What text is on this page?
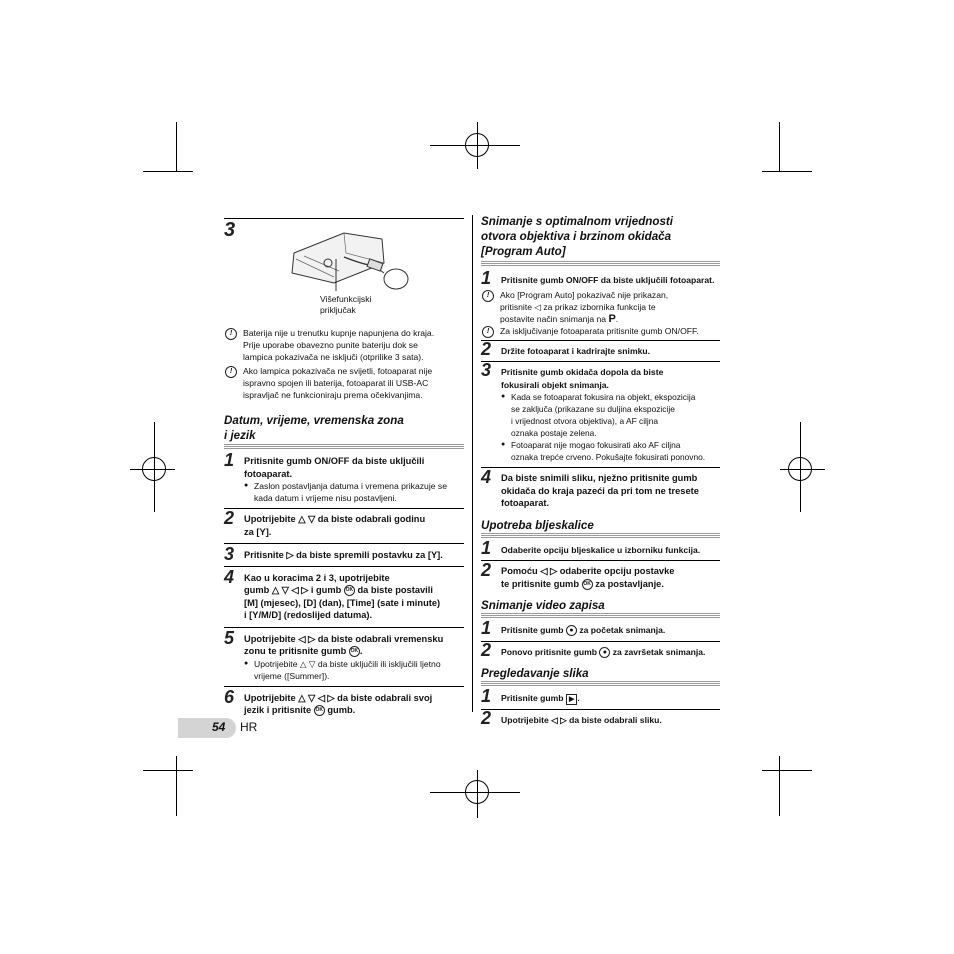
3
Višefunkcijski
priključak
!	Baterija nije u trenutku kupnje napunjena do kraja.
Prije uporabe obavezno punite bateriju dok se
lampica pokazivača ne isključi (otprilike 3 sata).
!	Ako lampica pokazivača ne svijetli, fotoaparat nije
ispravno spojen ili baterija, fotoaparat ili USB-AC
ispravljač ne funkcioniraju prema očekivanjima.
Datum, vrijeme, vremenska zona
i jezik
1 Pritisnite gumb ON/OFF da biste uključili
fotoaparat.
● Zaslon postavljanja datuma i vremena prikazuje se
kada datum i vrijeme nisu postavljeni.
2 Upotrijebite △ ▽ da biste odabrali godinu
za [Y].
3 Pritisnite ▷ da biste spremili postavku za [Y].
4 Kao u koracima 2 i 3, upotrijebite
gumb △ ▽ ◁ ▷ i gumb OK da biste postavili
[M] (mjesec), [D] (dan), [Time] (sate i minute)
i [Y/M/D] (redoslijed datuma).
5 Upotrijebite ◁ ▷ da biste odabrali vremensku
zonu te pritisnite gumb OK .
● Upotrijebite △ ▽ da biste uključili ili isključili ljetno
vrijeme ([Summer]).
6 Upotrijebite △ ▽ ◁ ▷ da biste odabrali svoj
jezik i pritisnite OK gumb.
Snimanje s optimalnom vrijednosti
otvora objektiva i brzinom okidača
[Program Auto]
1 Pritisnite gumb ON/OFF da biste uključili fotoaparat.
!	Ako [Program Auto] pokazivač nije prikazan,
pritisnite ◁ za prikaz izbornika funkcija te
postavite način snimanja na P.
!	Za isključivanje fotoaparata pritisnite gumb ON/OFF.
2 Držite fotoaparat i kadrirajte snimku.
3 Pritisnite gumb okidača dopola da biste
fokusirali objekt snimanja.
● Kada se fotoaparat fokusira na objekt, ekspozicija
se zaključa (prikazane su duljina ekspozicije
i vrijednost otvora objektiva), a AF ciljna
oznaka postaje zelena.
● Fotoaparat nije mogao fokusirati ako AF ciljna
oznaka trepće crveno. Pokušajte fokusirati ponovno.
4 Da biste snimili sliku, nježno pritisnite gumb
okidača do kraja pazeći da pri tom ne tresete
fotoaparat.
Upotreba bljeskalice
1 Odaberite opciju bljeskalice u izborniku funkcija.
2 Pomoću ◁ ▷ odaberite opciju postavke
te pritisnite gumb OK za postavljanje.
Snimanje video zapisa
1 Pritisnite gumb ● za početak snimanja.
2 Ponovo pritisnite gumb ● za završetak snimanja.
Pregledavanje slika
1 Pritisnite gumb ▶ .
2 Upotrijebite ◁ ▷ da biste odabrali sliku.
54 HR
